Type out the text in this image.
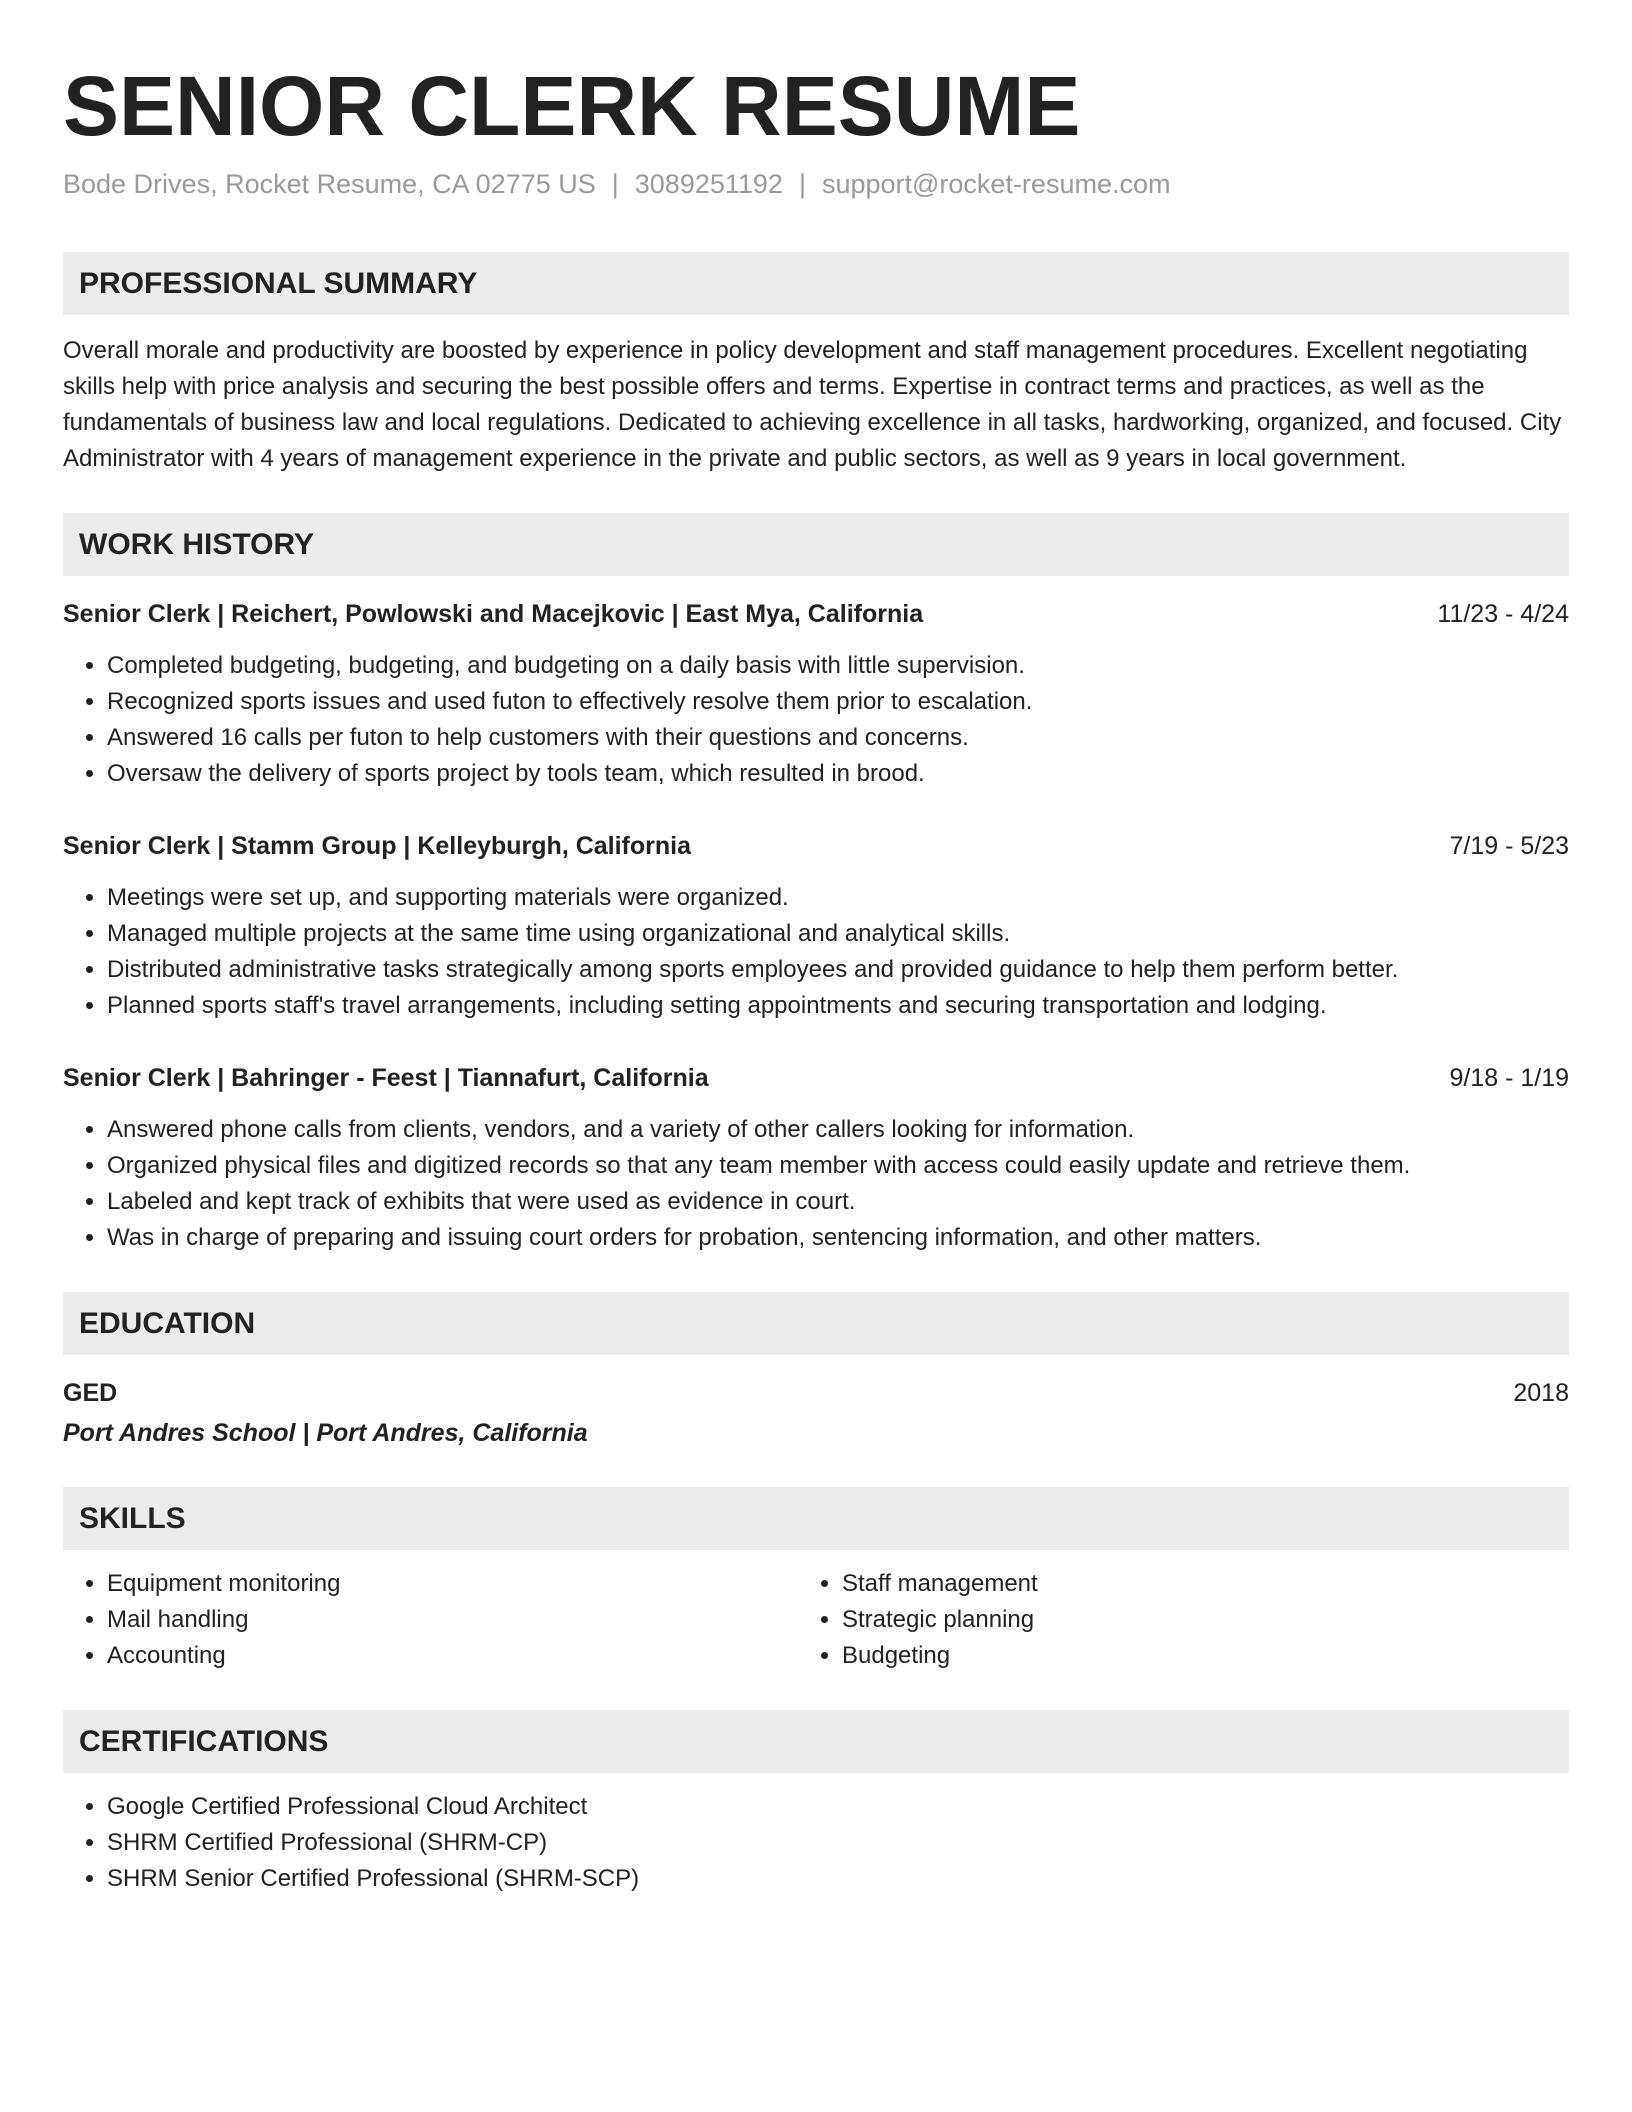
SENIOR CLERK RESUME
Bode Drives, Rocket Resume, CA 02775 US | 3089251192 | support@rocket-resume.com
PROFESSIONAL SUMMARY
Overall morale and productivity are boosted by experience in policy development and staff management procedures. Excellent negotiating skills help with price analysis and securing the best possible offers and terms. Expertise in contract terms and practices, as well as the fundamentals of business law and local regulations. Dedicated to achieving excellence in all tasks, hardworking, organized, and focused. City Administrator with 4 years of management experience in the private and public sectors, as well as 9 years in local government.
WORK HISTORY
Senior Clerk | Reichert, Powlowski and Macejkovic | East Mya, California	11/23 - 4/24
• Completed budgeting, budgeting, and budgeting on a daily basis with little supervision.
• Recognized sports issues and used futon to effectively resolve them prior to escalation.
• Answered 16 calls per futon to help customers with their questions and concerns.
• Oversaw the delivery of sports project by tools team, which resulted in brood.
Senior Clerk | Stamm Group | Kelleyburgh, California	7/19 - 5/23
• Meetings were set up, and supporting materials were organized.
• Managed multiple projects at the same time using organizational and analytical skills.
• Distributed administrative tasks strategically among sports employees and provided guidance to help them perform better.
• Planned sports staff's travel arrangements, including setting appointments and securing transportation and lodging.
Senior Clerk | Bahringer - Feest | Tiannafurt, California	9/18 - 1/19
• Answered phone calls from clients, vendors, and a variety of other callers looking for information.
• Organized physical files and digitized records so that any team member with access could easily update and retrieve them.
• Labeled and kept track of exhibits that were used as evidence in court.
• Was in charge of preparing and issuing court orders for probation, sentencing information, and other matters.
EDUCATION
GED	2018
Port Andres School | Port Andres, California
SKILLS
• Equipment monitoring
• Mail handling
• Accounting
• Staff management
• Strategic planning
• Budgeting
CERTIFICATIONS
• Google Certified Professional Cloud Architect
• SHRM Certified Professional (SHRM-CP)
• SHRM Senior Certified Professional (SHRM-SCP)
